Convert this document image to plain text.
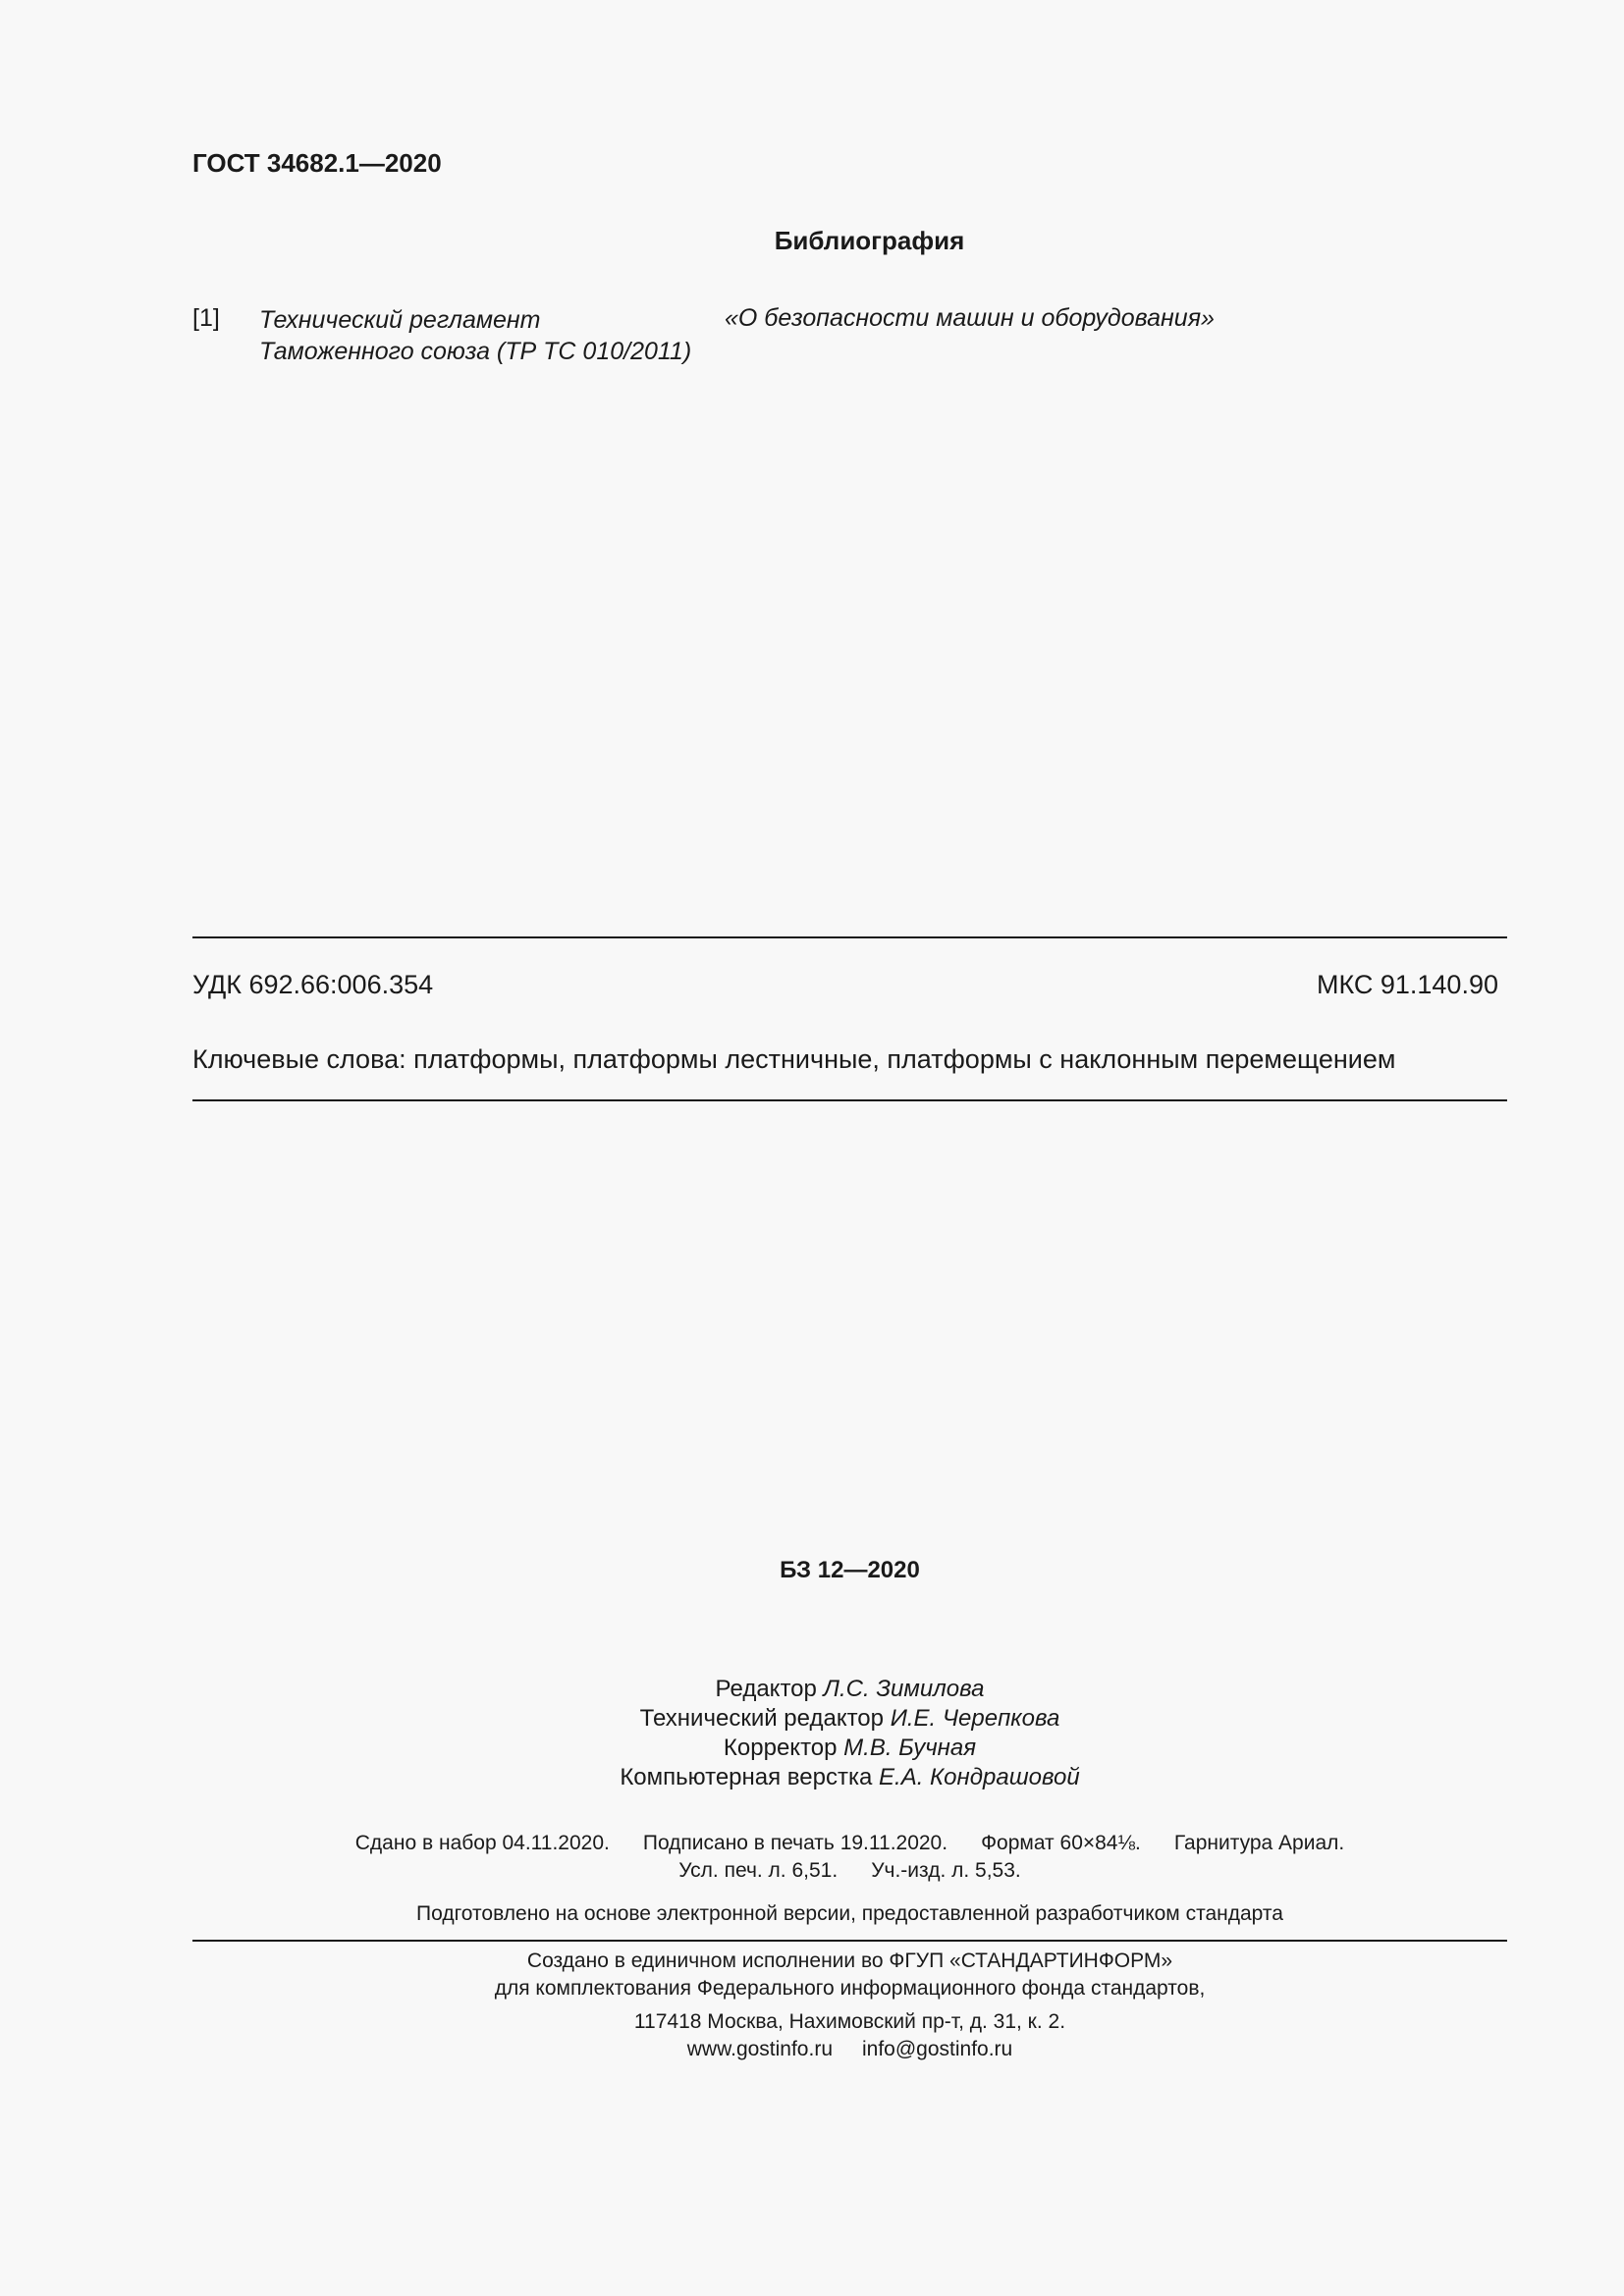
ГОСТ 34682.1—2020
Библиография
[1] Технический регламент
Таможенного союза (ТР ТС 010/2011)
«О безопасности машин и оборудования»
УДК 692.66:006.354	МКС 91.140.90
Ключевые слова: платформы, платформы лестничные, платформы с наклонным перемещением
БЗ 12—2020
Редактор Л.С. Зимилова
Технический редактор И.Е. Черепкова
Корректор М.В. Бучная
Компьютерная верстка Е.А. Кондрашовой
Сдано в набор 04.11.2020. Подписано в печать 19.11.2020. Формат 60×84⅛. Гарнитура Ариал.
Усл. печ. л. 6,51. Уч.-изд. л. 5,53.
Подготовлено на основе электронной версии, предоставленной разработчиком стандарта
Создано в единичном исполнении во ФГУП «СТАНДАРТИНФОРМ»
для комплектования Федерального информационного фонда стандартов,
117418 Москва, Нахимовский пр-т, д. 31, к. 2.
www.gostinfo.ru info@gostinfo.ru
